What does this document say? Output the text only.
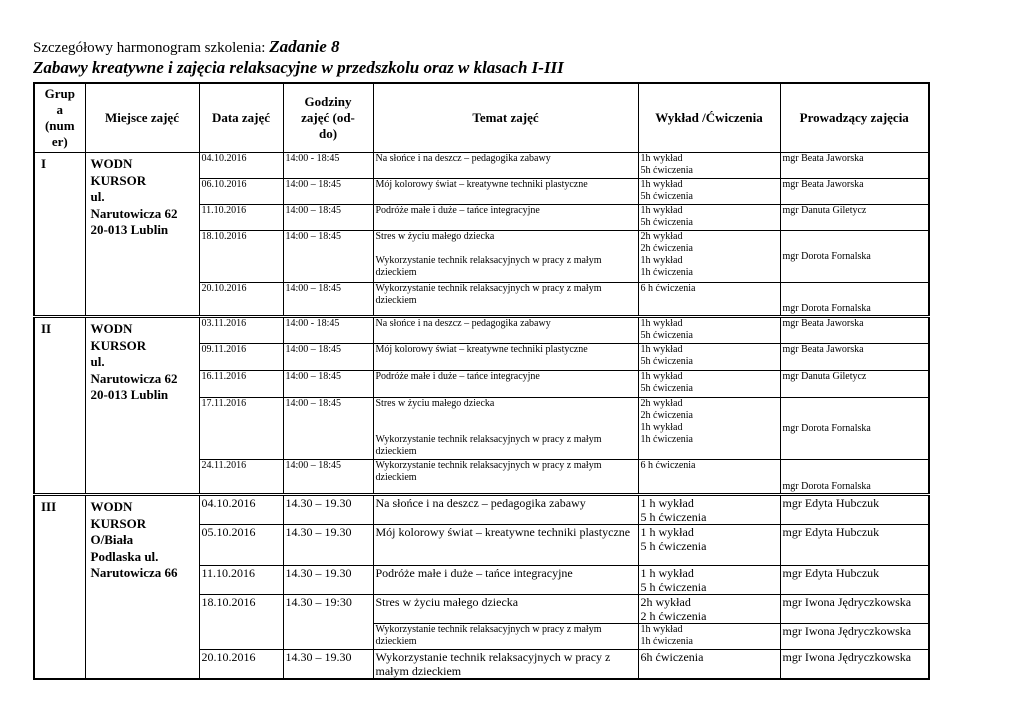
Szczegółowy harmonogram szkolenia: Zadanie 8
Zabawy kreatywne i zajęcia relaksacyjne w przedszkolu oraz w klasach I-III
Grup
a
(num
er)	Miejsce zajęć	Data zajęć	Godziny
zajęć (od-
do)	Temat zajęć	Wykład /Ćwiczenia	Prowadzący zajęcia
I	WODN
KURSOR
ul.
Narutowicza 62
20-013 Lublin	04.10.2016	14:00 - 18:45	Na słońce i na deszcz – pedagogika zabawy	1h wykład
5h ćwiczenia	mgr Beata Jaworska
		06.10.2016	14:00 – 18:45	Mój kolorowy świat – kreatywne techniki plastyczne	1h wykład
5h ćwiczenia	mgr Beata Jaworska
		11.10.2016	14:00 – 18:45	Podróże małe i duże – tańce integracyjne	1h wykład
5h ćwiczenia	mgr Danuta Giletycz
		18.10.2016	14:00 – 18:45	Stres w życiu małego dziecka

Wykorzystanie technik relaksacyjnych w pracy z małym dzieckiem	2h wykład
2h ćwiczenia
1h wykład
1h ćwiczenia	mgr Dorota Fornalska
		20.10.2016	14:00 – 18:45	Wykorzystanie technik relaksacyjnych w pracy z małym dzieckiem	6 h ćwiczenia	mgr Dorota Fornalska
II	WODN
KURSOR
ul.
Narutowicza 62
20-013 Lublin	03.11.2016	14:00 - 18:45	Na słońce i na deszcz – pedagogika zabawy	1h wykład
5h ćwiczenia	mgr Beata Jaworska
		09.11.2016	14:00 – 18:45	Mój kolorowy świat – kreatywne techniki plastyczne	1h wykład
5h ćwiczenia	mgr Beata Jaworska
		16.11.2016	14:00 – 18:45	Podróże małe i duże – tańce integracyjne	1h wykład
5h ćwiczenia	mgr Danuta Giletycz
		17.11.2016	14:00 – 18:45	Stres w życiu małego dziecka

Wykorzystanie technik relaksacyjnych w pracy z małym dzieckiem	2h wykład
2h ćwiczenia
1h wykład
1h ćwiczenia	mgr Dorota Fornalska
		24.11.2016	14:00 – 18:45	Wykorzystanie technik relaksacyjnych w pracy z małym dzieckiem	6 h ćwiczenia	mgr Dorota Fornalska
III	WODN
KURSOR
O/Biała
Podlaska ul.
Narutowicza 66	04.10.2016	14.30 – 19.30	Na słońce i na deszcz – pedagogika zabawy	1 h wykład
5 h ćwiczenia	mgr Edyta Hubczuk
		05.10.2016	14.30 – 19.30	Mój kolorowy świat – kreatywne techniki plastyczne	1 h wykład
5 h ćwiczenia	mgr Edyta Hubczuk
		11.10.2016	14.30 – 19.30	Podróże małe i duże – tańce integracyjne	1 h wykład
5 h ćwiczenia	mgr Edyta Hubczuk
		18.10.2016	14.30 – 19:30	Stres w życiu małego dziecka	2h wykład
2 h ćwiczenia	mgr Iwona Jędryczkowska
				Wykorzystanie technik relaksacyjnych w pracy z małym dzieckiem	1h wykład
1h ćwiczenia	mgr Iwona Jędryczkowska
		20.10.2016	14.30 – 19.30	Wykorzystanie technik relaksacyjnych w pracy z małym dzieckiem	6h ćwiczenia	mgr Iwona Jędryczkowska
